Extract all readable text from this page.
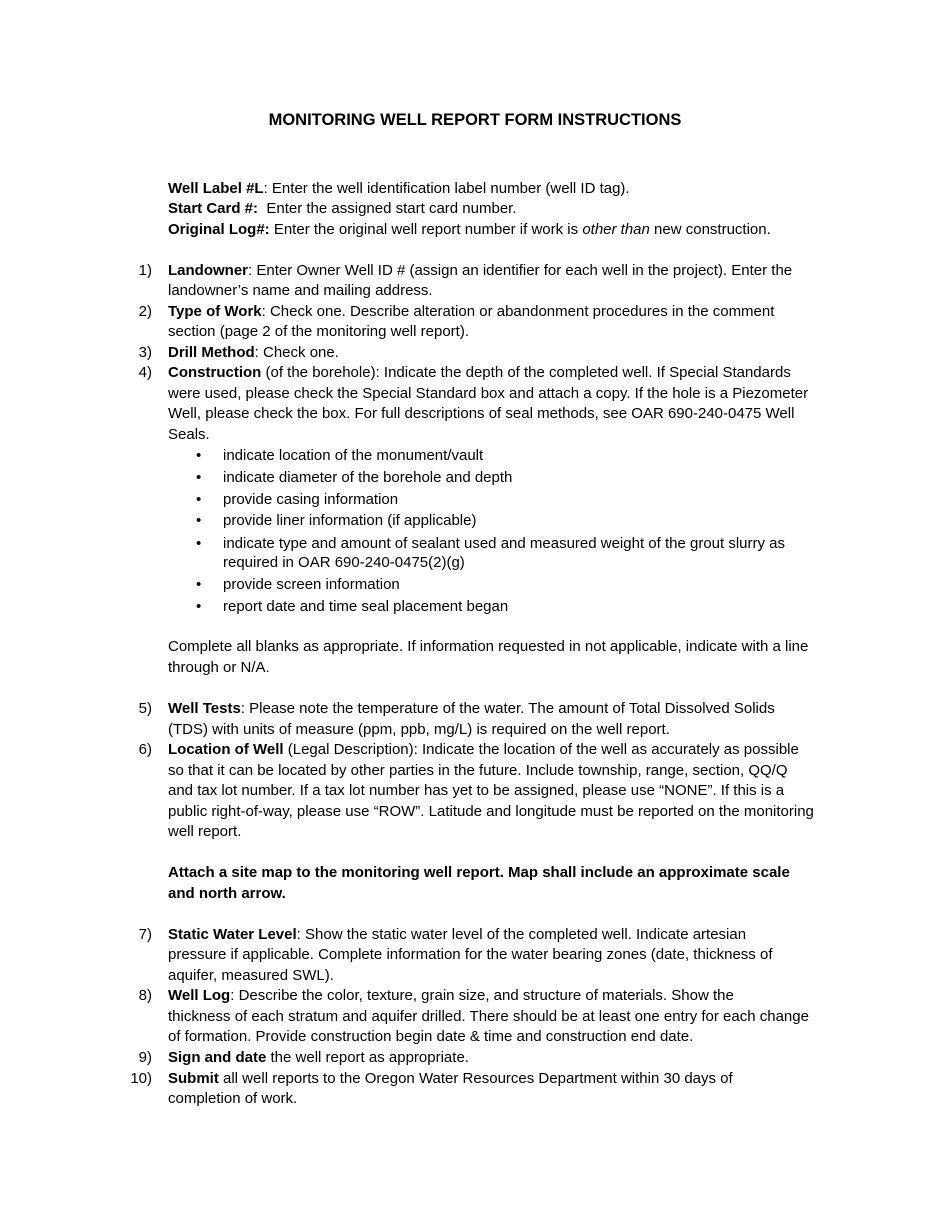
MONITORING WELL REPORT FORM INSTRUCTIONS
Well Label #L: Enter the well identification label number (well ID tag).
Start Card #:  Enter the assigned start card number.
Original Log#: Enter the original well report number if work is other than new construction.
1) Landowner: Enter Owner Well ID # (assign an identifier for each well in the project). Enter the
landowner’s name and mailing address.
2) Type of Work: Check one. Describe alteration or abandonment procedures in the comment
section (page 2 of the monitoring well report).
3) Drill Method: Check one.
4) Construction (of the borehole): Indicate the depth of the completed well. If Special Standards
were used, please check the Special Standard box and attach a copy. If the hole is a Piezometer
Well, please check the box. For full descriptions of seal methods, see OAR 690-240-0475 Well
Seals.
• indicate location of the monument/vault
• indicate diameter of the borehole and depth
• provide casing information
• provide liner information (if applicable)
• indicate type and amount of sealant used and measured weight of the grout slurry as
required in OAR 690-240-0475(2)(g)
• provide screen information
• report date and time seal placement began
Complete all blanks as appropriate. If information requested in not applicable, indicate with a line
through or N/A.
5) Well Tests: Please note the temperature of the water. The amount of Total Dissolved Solids
(TDS) with units of measure (ppm, ppb, mg/L) is required on the well report.
6) Location of Well (Legal Description): Indicate the location of the well as accurately as possible
so that it can be located by other parties in the future. Include township, range, section, QQ/Q
and tax lot number. If a tax lot number has yet to be assigned, please use “NONE”. If this is a
public right-of-way, please use “ROW”. Latitude and longitude must be reported on the monitoring
well report.
Attach a site map to the monitoring well report. Map shall include an approximate scale
and north arrow.
7) Static Water Level: Show the static water level of the completed well. Indicate artesian
pressure if applicable. Complete information for the water bearing zones (date, thickness of
aquifer, measured SWL).
8) Well Log: Describe the color, texture, grain size, and structure of materials. Show the
thickness of each stratum and aquifer drilled. There should be at least one entry for each change
of formation. Provide construction begin date & time and construction end date.
9) Sign and date the well report as appropriate.
10) Submit all well reports to the Oregon Water Resources Department within 30 days of
completion of work.
